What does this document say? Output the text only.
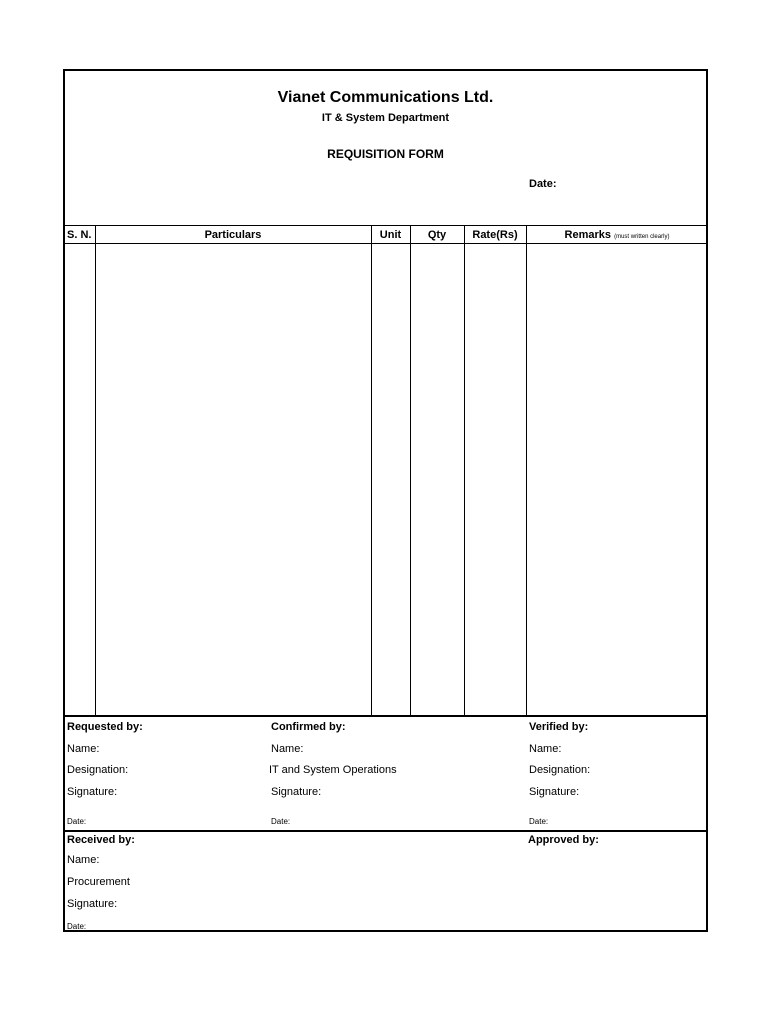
Vianet Communications Ltd.
IT & System Department
REQUISITION FORM
Date:
S. N.	Particulars	Unit	Qty	Rate(Rs)	Remarks (must written clearly)
Requested by:	Confirmed by:	Verified by:
Name:	Name:	Name:
Designation:	IT and System Operations	Designation:
Signature:	Signature:	Signature:
Date:	Date:	Date:
Received by:	Approved by:
Name:
Procurement
Signature:
Date:
